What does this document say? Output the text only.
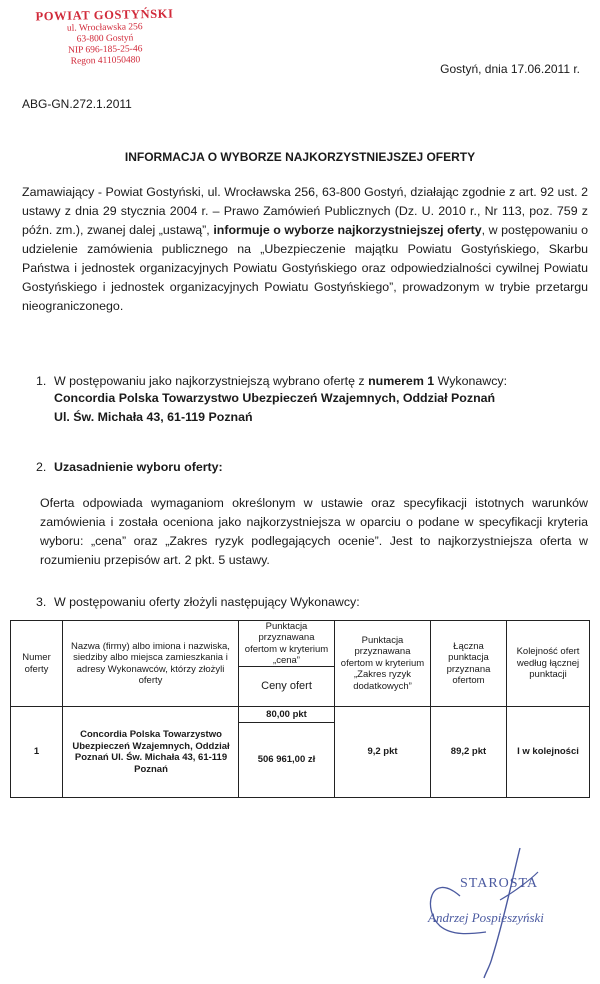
POWIAT GOSTYŃSKI
ul. Wrocławska 256
63-800 Gostyń
NIP 696-185-25-46
Regon 411050480
Gostyń, dnia 17.06.2011 r.
ABG-GN.272.1.2011
INFORMACJA O WYBORZE NAJKORZYSTNIEJSZEJ OFERTY

Zamawiający - Powiat Gostyński, ul. Wrocławska 256, 63-800 Gostyń, działając zgodnie z art. 92 ust. 2 ustawy z dnia 29 stycznia 2004 r. – Prawo Zamówień Publicznych (Dz. U. 2010 r., Nr 113, poz. 759 z późn. zm.), zwanej dalej „ustawą”, informuje o wyborze najkorzystniejszej oferty, w postępowaniu o udzielenie zamówienia publicznego na „Ubezpieczenie majątku Powiatu Gostyńskiego, Skarbu Państwa i jednostek organizacyjnych Powiatu Gostyńskiego oraz odpowiedzialności cywilnej Powiatu Gostyńskiego i jednostek organizacyjnych Powiatu Gostyńskiego”, prowadzonym w trybie przetargu nieograniczonego.

1. W postępowaniu jako najkorzystniejszą wybrano ofertę z numerem 1 Wykonawcy:
Concordia Polska Towarzystwo Ubezpieczeń Wzajemnych, Oddział Poznań
Ul. Św. Michała 43, 61-119 Poznań
2. Uzasadnienie wyboru oferty:

Oferta odpowiada wymaganiom określonym w ustawie oraz specyfikacji istotnych warunków zamówienia i została oceniona jako najkorzystniejsza w oparciu o podane w specyfikacji kryteria wyboru: „cena” oraz „Zakres ryzyk podlegających ocenie”. Jest to najkorzystniejsza oferta w rozumieniu przepisów art. 2 pkt. 5 ustawy.

3. W postępowaniu oferty złożyli następujący Wykonawcy:
Numer oferty
Nazwa (firmy) albo imiona i nazwiska, siedziby albo miejsca zamieszkania i adresy Wykonawców, którzy złożyli oferty
Punktacja przyznawana ofertom w kryterium „cena”
Ceny ofert
Punktacja przyznawana ofertom w kryterium „Zakres ryzyk dodatkowych”
Łączna punktacja przyznana ofertom
Kolejność ofert według łącznej punktacji
1
Concordia Polska Towarzystwo Ubezpieczeń Wzajemnych, Oddział Poznań Ul. Św. Michała 43, 61-119 Poznań
80,00 pkt
506 961,00 zł
9,2 pkt	89,2 pkt	I w kolejności
STAROSTA
Andrzej Pospieszyński
